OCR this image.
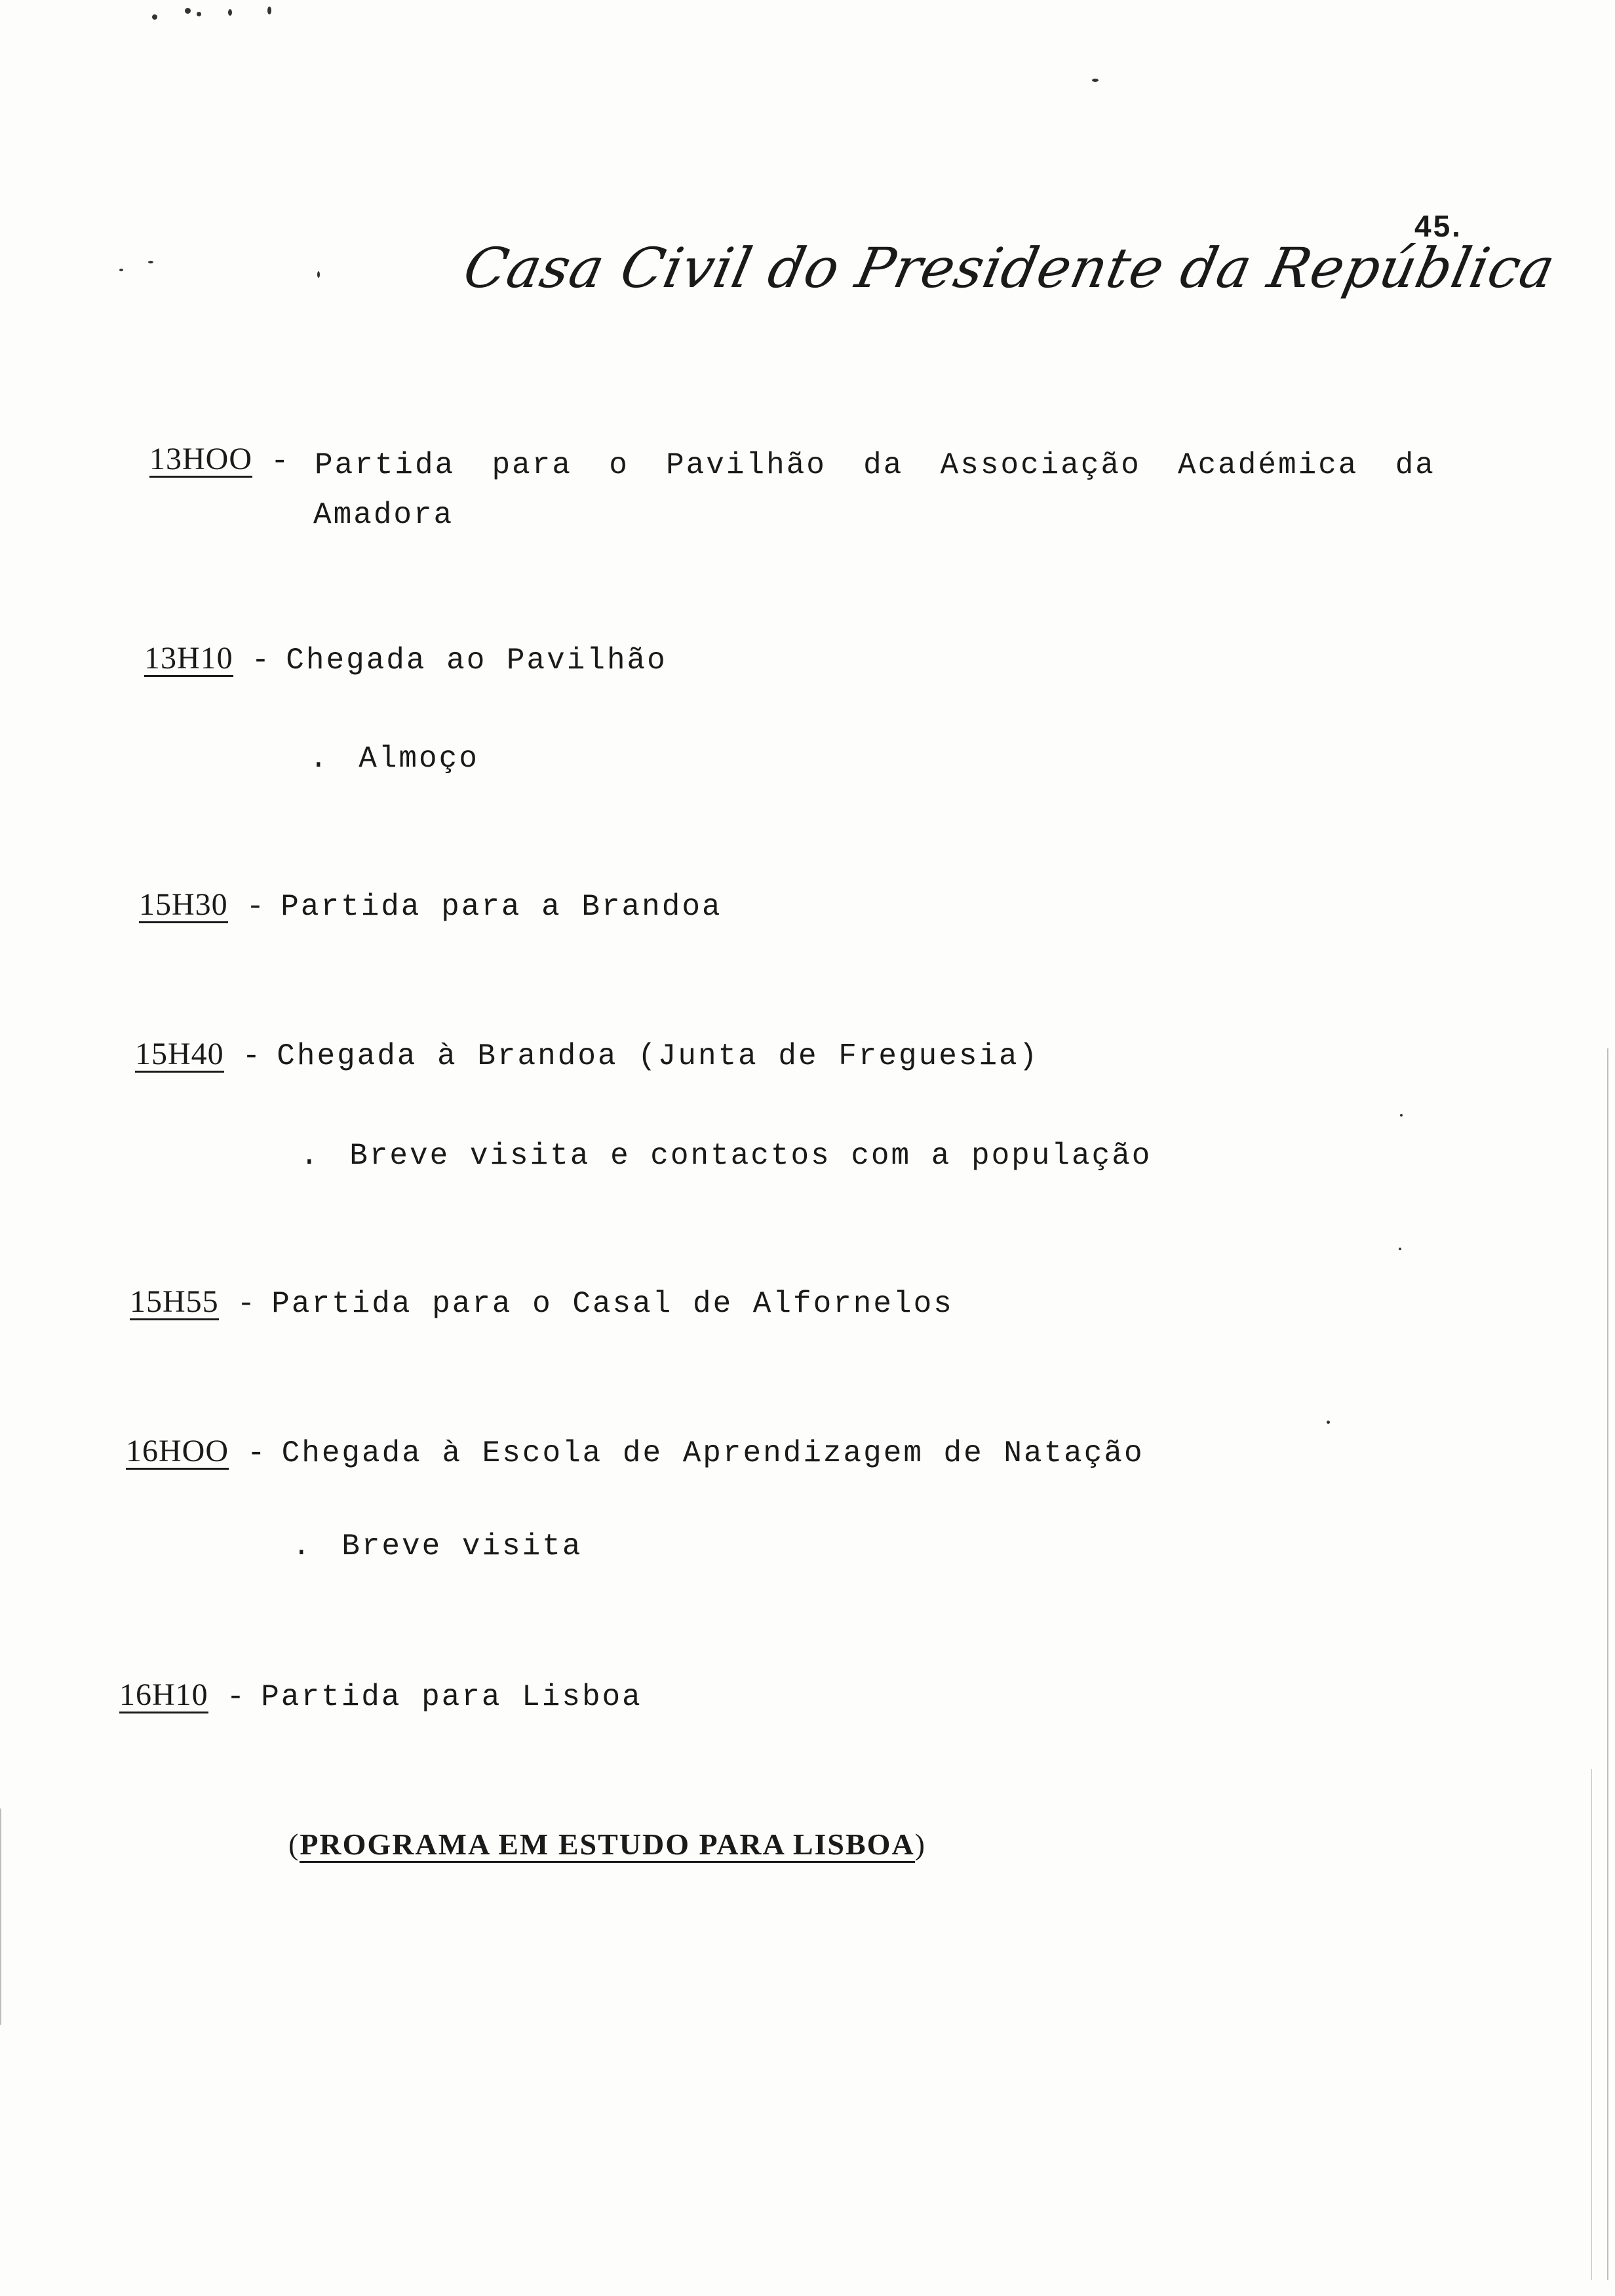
45.
Casa Civil do Presidente da República
13HOO - Partida para o Pavilhão da Associação Académica da
Amadora
13H10 - Chegada ao Pavilhão
. Almoço
15H30 - Partida para a Brandoa
15H40 - Chegada à Brandoa (Junta de Freguesia)
. Breve visita e contactos com a população
15H55 - Partida para o Casal de Alfornelos
16HOO - Chegada à Escola de Aprendizagem de Natação
. Breve visita
16H10 - Partida para Lisboa
(PROGRAMA EM ESTUDO PARA LISBOA)
